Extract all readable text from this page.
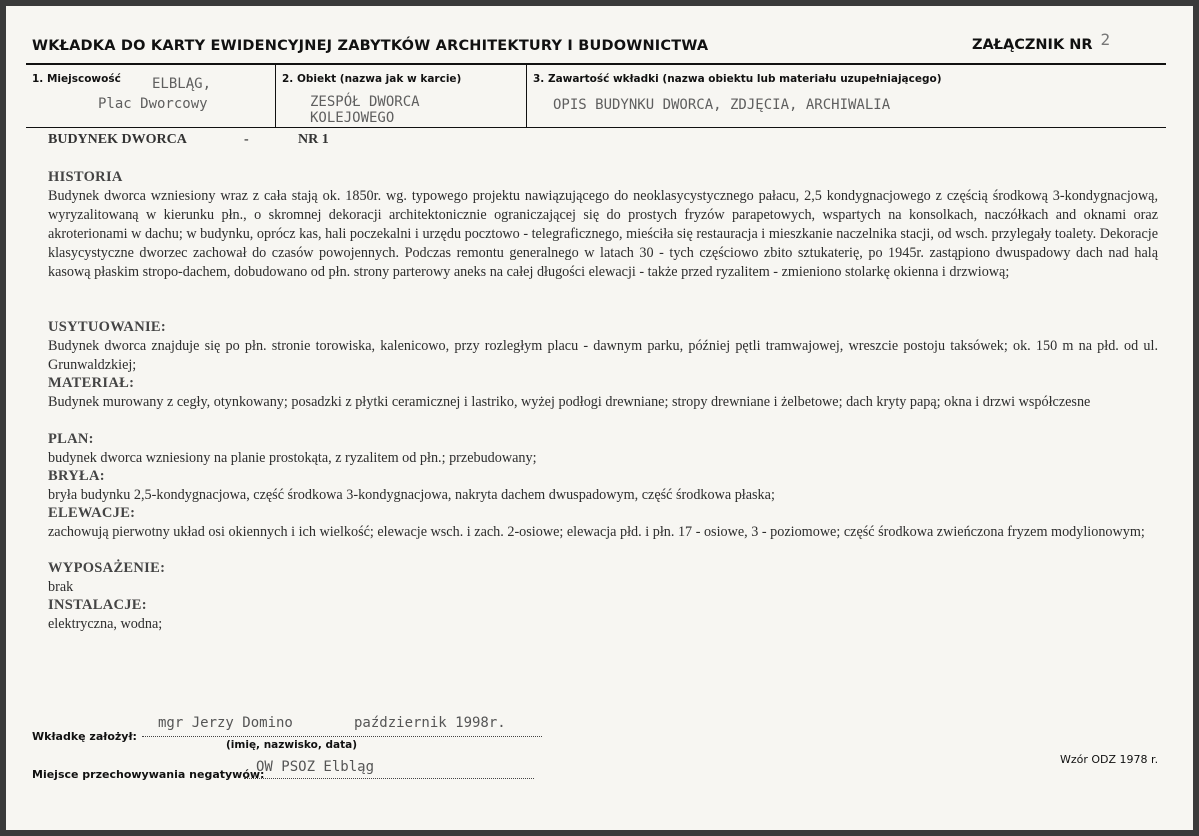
WKŁADKA DO KARTY EWIDENCYJNEJ ZABYTKÓW ARCHITEKTURY I BUDOWNICTWA	ZAŁĄCZNIK NR 2
1. Miejscowość ELBLĄG,
Plac Dworcowy
2. Obiekt (nazwa jak w karcie)
ZESPÓŁ DWORCA
KOLEJOWEGO
3. Zawartość wkładki (nazwa obiektu lub materiału uzupełniającego)
OPIS BUDYNKU DWORCA, ZDJĘCIA, ARCHIWALIA
BUDYNEK DWORCA	-	NR 1
HISTORIA

Budynek dworca wzniesiony wraz z cała stają ok. 1850r. wg. typowego projektu nawiązującego do neoklasycystycznego pałacu, 2,5 kondygnacjowego z częścią środkową 3-kondygnacjową, wyryzalitowaną w kierunku płn., o skromnej dekoracji architektonicznie ograniczającej się do prostych fryzów parapetowych, wspartych na konsolkach, naczółkach and oknami oraz akroterionami w dachu; w budynku, oprócz kas, hali poczekalni i urzędu pocztowo - telegraficznego, mieściła się restauracja i mieszkanie naczelnika stacji, od wsch. przylegały toalety. Dekoracje klasycystyczne dworzec zachował do czasów powojennych. Podczas remontu generalnego w latach 30 - tych częściowo zbito sztukaterię, po 1945r. zastąpiono dwuspadowy dach nad halą kasową płaskim stropo-dachem, dobudowano od płn. strony parterowy aneks na całej długości elewacji - także przed ryzalitem - zmieniono stolarkę okienna i drzwiową;

USYTUOWANIE:

Budynek dworca znajduje się po płn. stronie torowiska, kalenicowo, przy rozległym placu - dawnym parku, później pętli tramwajowej, wreszcie postoju taksówek; ok. 150 m na płd. od ul. Grunwaldzkiej;

MATERIAŁ:

Budynek murowany z cegły, otynkowany; posadzki z płytki ceramicznej i lastriko, wyżej podłogi drewniane; stropy drewniane i żelbetowe; dach kryty papą; okna i drzwi współczesne

PLAN:

budynek dworca wzniesiony na planie prostokąta, z ryzalitem od płn.; przebudowany;

BRYŁA:

bryła budynku 2,5-kondygnacjowa, część środkowa 3-kondygnacjowa, nakryta dachem dwuspadowym, część środkowa płaska;

ELEWACJE:

zachowują pierwotny układ osi okiennych i ich wielkość; elewacje wsch. i zach. 2-osiowe; elewacja płd. i płn. 17 - osiowe, 3 - poziomowe; część środkowa zwieńczona fryzem modylionowym;

WYPOSAŻENIE:

brak

INSTALACJE:

elektryczna, wodna;

Wkładkę założył:
mgr Jerzy Domino	październik 1998r.
(imię, nazwisko, data)
Miejsce przechowywania negatywów:
OW PSOZ Elbląg	Wzór ODZ 1978 r.
